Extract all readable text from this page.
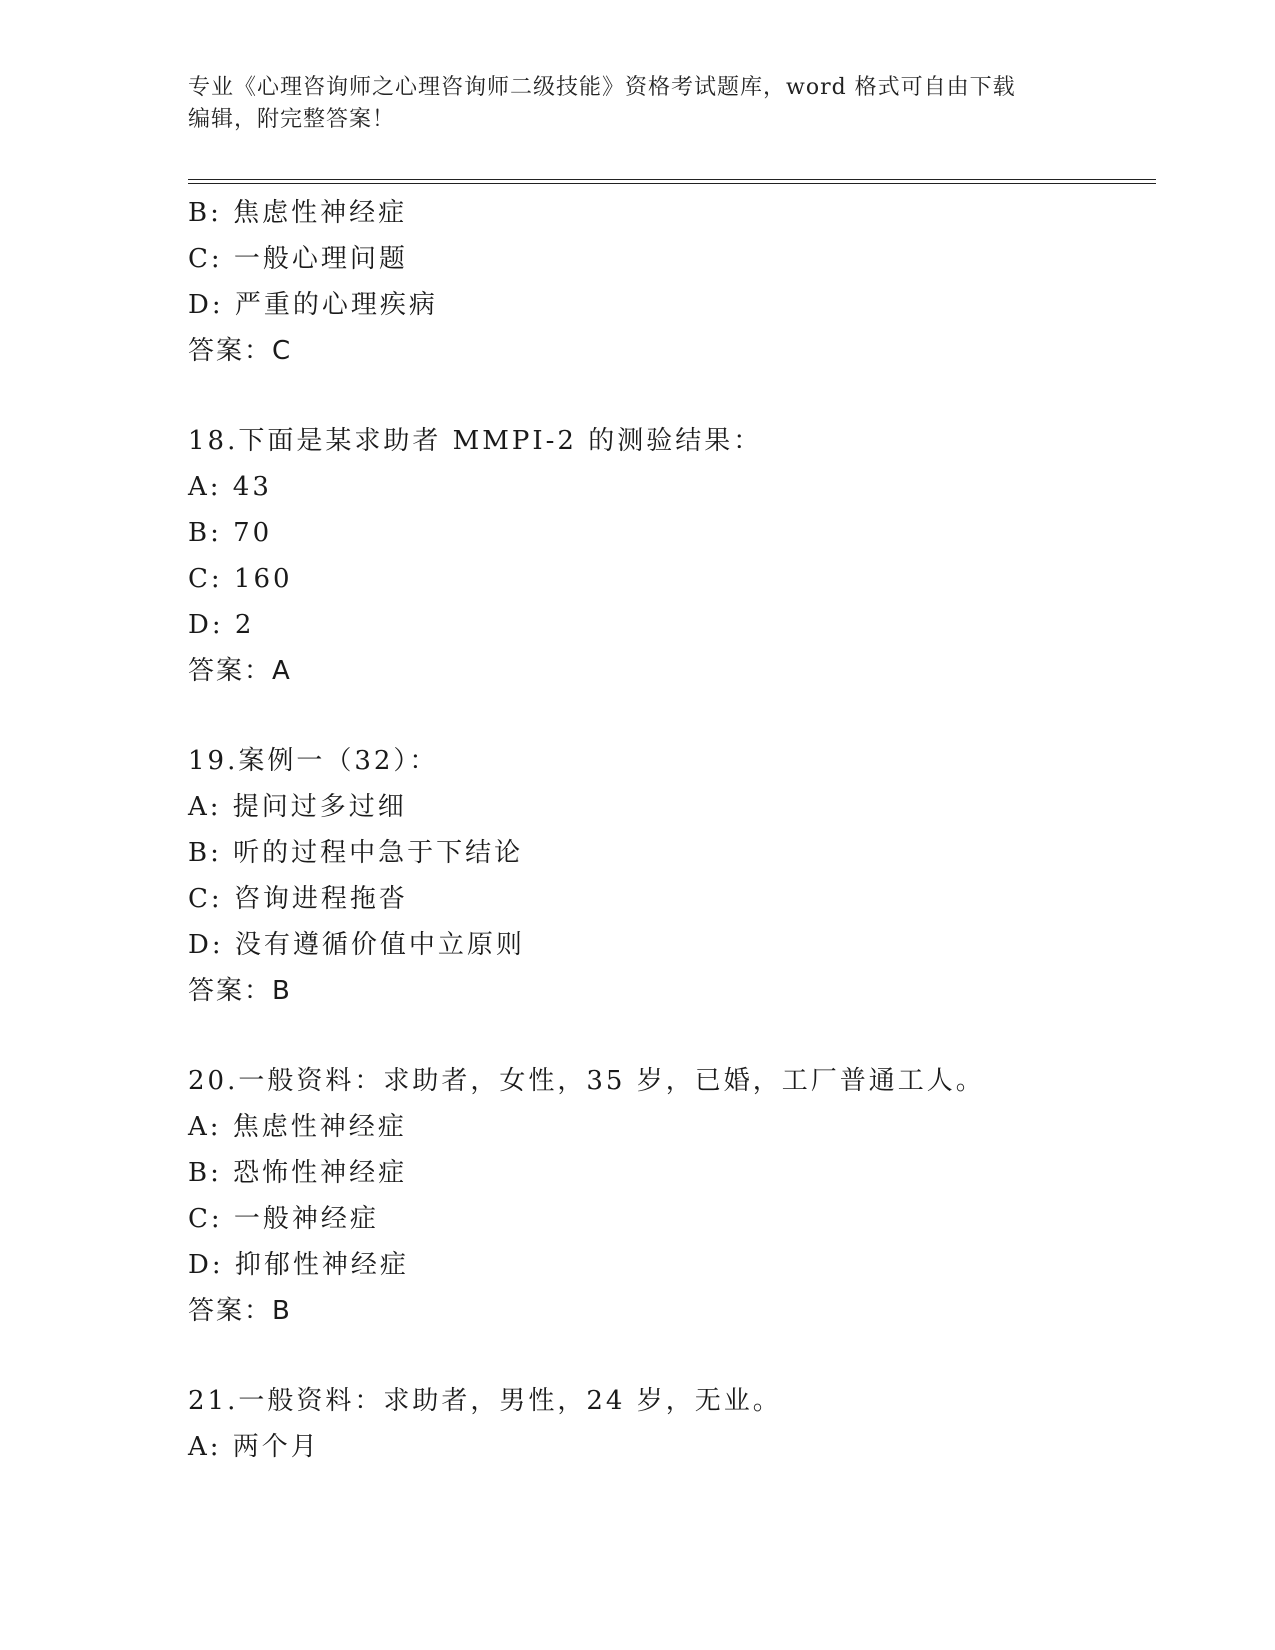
专业《心理咨询师之心理咨询师二级技能》资格考试题库，word 格式可自由下载
编辑，附完整答案！
B: 焦虑性神经症
C: 一般心理问题
D: 严重的心理疾病
答案：C
18.下面是某求助者 MMPI-2 的测验结果：
A: 43
B: 70
C: 160
D: 2
答案：A
19.案例一（32）：
A: 提问过多过细
B: 听的过程中急于下结论
C: 咨询进程拖沓
D: 没有遵循价值中立原则
答案：B
20.一般资料：求助者，女性，35 岁，已婚，工厂普通工人。
A: 焦虑性神经症
B: 恐怖性神经症
C: 一般神经症
D: 抑郁性神经症
答案：B
21.一般资料：求助者，男性，24 岁，无业。
A: 两个月
